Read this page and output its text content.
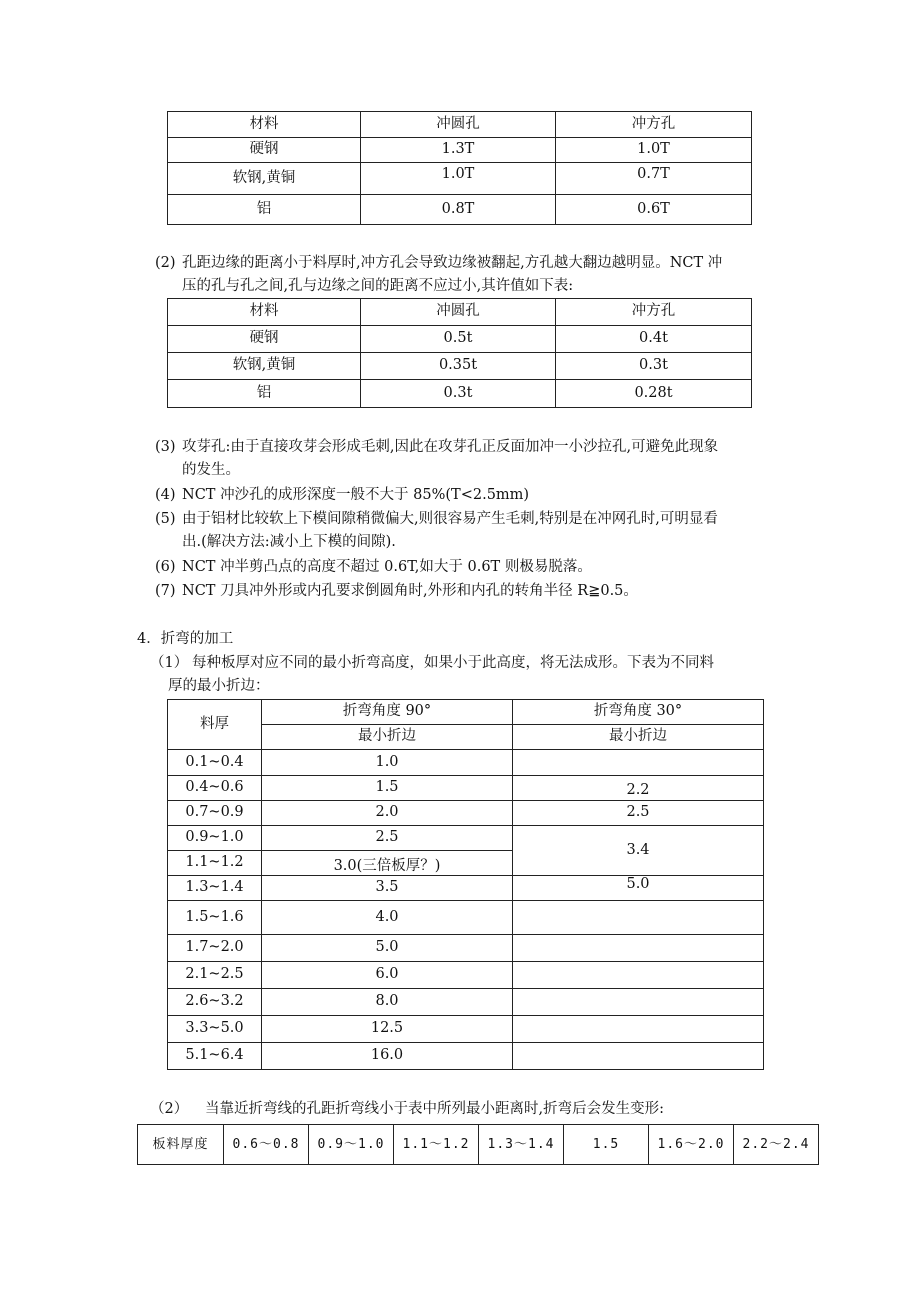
材料	冲圆孔	冲方孔
硬钢	1.3T	1.0T
软钢,黄铜	1.0T	0.7T
铝	0.8T	0.6T
(2) 孔距边缘的距离小于料厚时,冲方孔会导致边缘被翻起,方孔越大翻边越明显。NCT 冲
压的孔与孔之间,孔与边缘之间的距离不应过小,其许值如下表:
材料	冲圆孔	冲方孔
硬钢	0.5t	0.4t
软钢,黄铜	0.35t	0.3t
铝	0.3t	0.28t
(3) 攻芽孔:由于直接攻芽会形成毛刺,因此在攻芽孔正反面加冲一小沙拉孔,可避免此现象
的发生。
(4) NCT 冲沙孔的成形深度一般不大于 85%(T<2.5mm)
(5) 由于铝材比较软上下模间隙稍微偏大,则很容易产生毛刺,特别是在冲网孔时,可明显看
出.(解决方法:减小上下模的间隙).
(6) NCT 冲半剪凸点的高度不超过 0.6T,如大于 0.6T 则极易脱落。
(7) NCT 刀具冲外形或内孔要求倒圆角时,外形和内孔的转角半径 R≧0.5。
4．折弯的加工
（1） 每种板厚对应不同的最小折弯高度，如果小于此高度，将无法成形。下表为不同料
厚的最小折边：
料厚	折弯角度 90°	折弯角度 30°
	最小折边	最小折边
0.1~0.4	1.0	
0.4~0.6	1.5	2.2
0.7~0.9	2.0	2.5
0.9~1.0	2.5	3.4
1.1~1.2	3.0(三倍板厚？)	
1.3~1.4	3.5	5.0
1.5~1.6	4.0	
1.7~2.0	5.0	
2.1~2.5	6.0	
2.6~3.2	8.0	
3.3~5.0	12.5	
5.1~6.4	16.0	
（2） 当靠近折弯线的孔距折弯线小于表中所列最小距离时,折弯后会发生变形:
板料厚度	0.6～0.8	0.9～1.0	1.1～1.2	1.3～1.4	1.5	1.6～2.0	2.2～2.4
